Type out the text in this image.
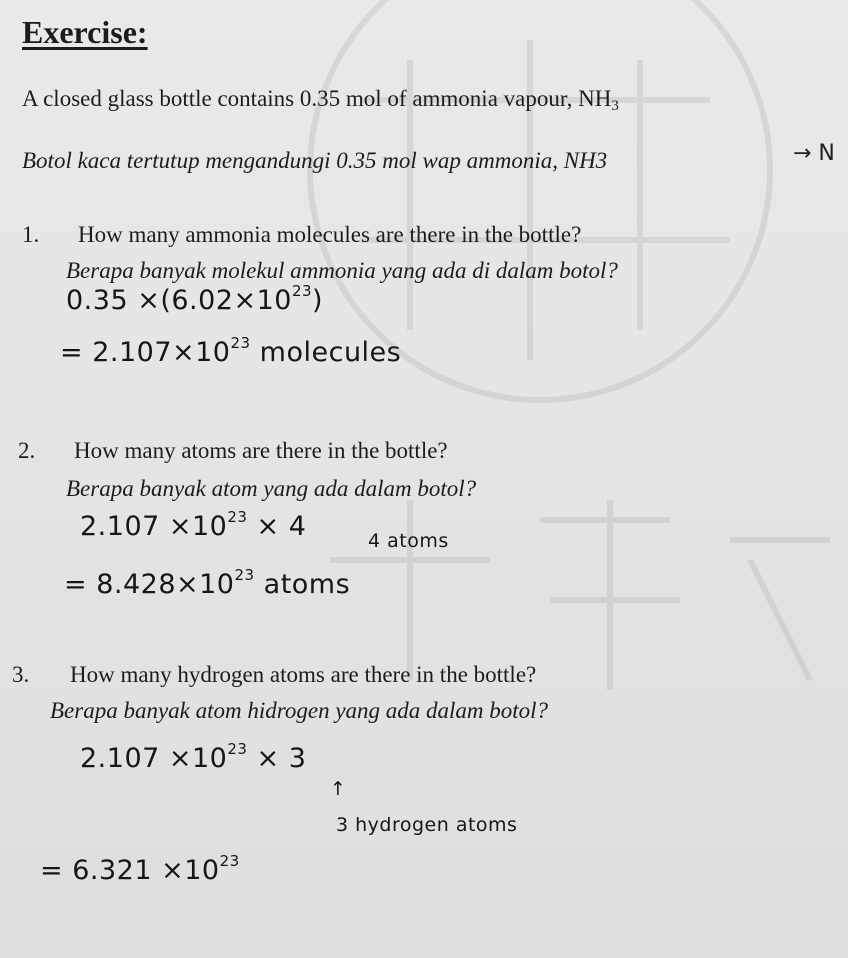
Exercise:
A closed glass bottle contains 0.35 mol of ammonia vapour, $NH_3$
Botol kaca tertutup mengandungi 0.35 mol wap ammonia, NH3	→ N
1. How many ammonia molecules are there in the bottle?
Berapa banyak molekul ammonia yang ada di dalam botol?
$0.35 \times(6.02\times 10^{23})$
= $2.107\times 10^{23}$ molecules
2. How many atoms are there in the bottle?
Berapa banyak atom yang ada dalam botol?
$2.107 \times 10^{23} \times 4$	4 atoms
= $8.428\times 10^{23}$ atoms
3. How many hydrogen atoms are there in the bottle?
Berapa banyak atom hidrogen yang ada dalam botol?
$2.107 \times 10^{23} \times 3$
↑
3 hydrogen atoms
= $6.321 \times 10^{23}$
